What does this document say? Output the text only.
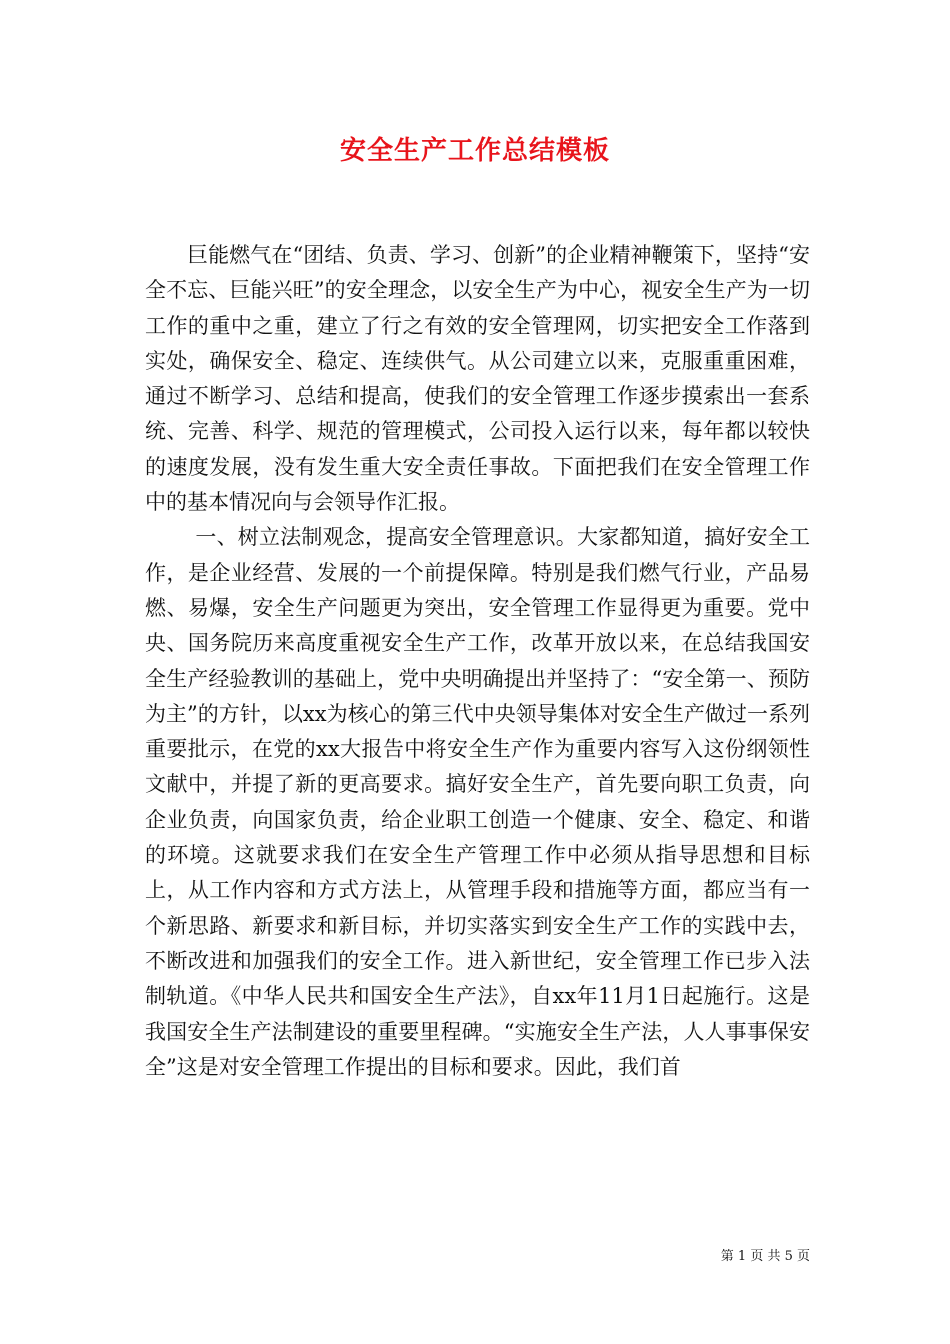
安全生产工作总结模板

巨能燃气在“团结、负责、学习、创新”的企业精神鞭策下，坚持“安全不忘、巨能兴旺”的安全理念，以安全生产为中心，视安全生产为一切工作的重中之重，建立了行之有效的安全管理网，切实把安全工作落到实处，确保安全、稳定、连续供气。从公司建立以来，克服重重困难，通过不断学习、总结和提高，使我们的安全管理工作逐步摸索出一套系统、完善、科学、规范的管理模式，公司投入运行以来，每年都以较快的速度发展，没有发生重大安全责任事故。下面把我们在安全管理工作中的基本情况向与会领导作汇报。

一、树立法制观念，提高安全管理意识。大家都知道，搞好安全工作，是企业经营、发展的一个前提保障。特别是我们燃气行业，产品易燃、易爆，安全生产问题更为突出，安全管理工作显得更为重要。党中央、国务院历来高度重视安全生产工作，改革开放以来，在总结我国安全生产经验教训的基础上，党中央明确提出并坚持了：“安全第一、预防为主”的方针，以xx为核心的第三代中央领导集体对安全生产做过一系列重要批示，在党的xx大报告中将安全生产作为重要内容写入这份纲领性文献中，并提了新的更高要求。搞好安全生产，首先要向职工负责，向企业负责，向国家负责，给企业职工创造一个健康、安全、稳定、和谐的环境。这就要求我们在安全生产管理工作中必须从指导思想和目标上，从工作内容和方式方法上，从管理手段和措施等方面，都应当有一个新思路、新要求和新目标，并切实落实到安全生产工作的实践中去，不断改进和加强我们的安全工作。进入新世纪，安全管理工作已步入法制轨道。《中华人民共和国安全生产法》，自xx年11月1日起施行。这是我国安全生产法制建设的重要里程碑。“实施安全生产法，人人事事保安全”这是对安全管理工作提出的目标和要求。因此，我们首

第 1 页 共 5 页
